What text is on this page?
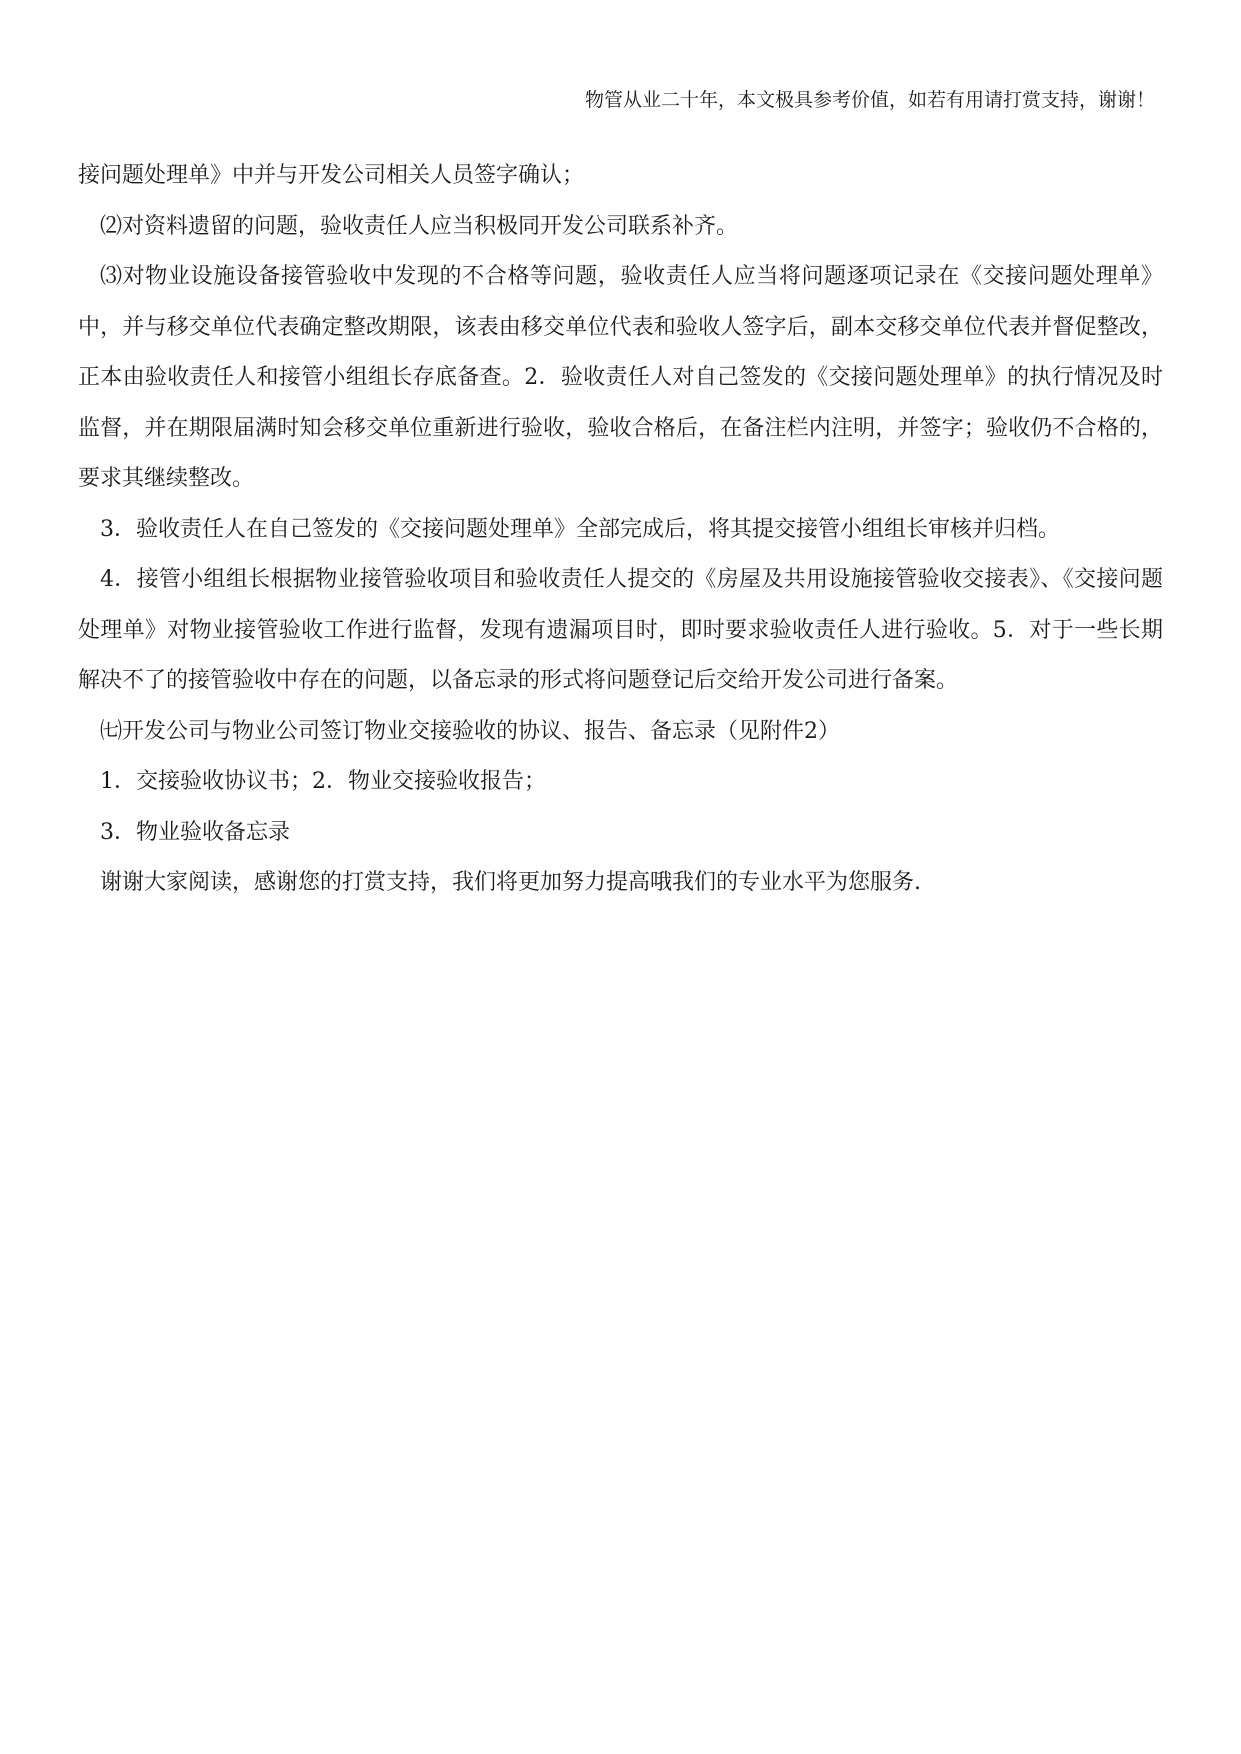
物管从业二十年，本文极具参考价值，如若有用请打赏支持，谢谢！

接问题处理单》中并与开发公司相关人员签字确认；

⑵对资料遗留的问题，验收责任人应当积极同开发公司联系补齐。

⑶对物业设施设备接管验收中发现的不合格等问题，验收责任人应当将问题逐项记录在《交接问题处理单》中，并与移交单位代表确定整改期限，该表由移交单位代表和验收人签字后，副本交移交单位代表并督促整改，正本由验收责任人和接管小组组长存底备查。2．验收责任人对自己签发的《交接问题处理单》的执行情况及时监督，并在期限届满时知会移交单位重新进行验收，验收合格后，在备注栏内注明，并签字；验收仍不合格的，要求其继续整改。

3．验收责任人在自己签发的《交接问题处理单》全部完成后，将其提交接管小组组长审核并归档。

4．接管小组组长根据物业接管验收项目和验收责任人提交的《房屋及共用设施接管验收交接表》、《交接问题处理单》对物业接管验收工作进行监督，发现有遗漏项目时，即时要求验收责任人进行验收。5．对于一些长期解决不了的接管验收中存在的问题，以备忘录的形式将问题登记后交给开发公司进行备案。

㈦开发公司与物业公司签订物业交接验收的协议、报告、备忘录（见附件2）

1．交接验收协议书；2．物业交接验收报告；

3．物业验收备忘录

谢谢大家阅读，感谢您的打赏支持，我们将更加努力提高哦我们的专业水平为您服务.
